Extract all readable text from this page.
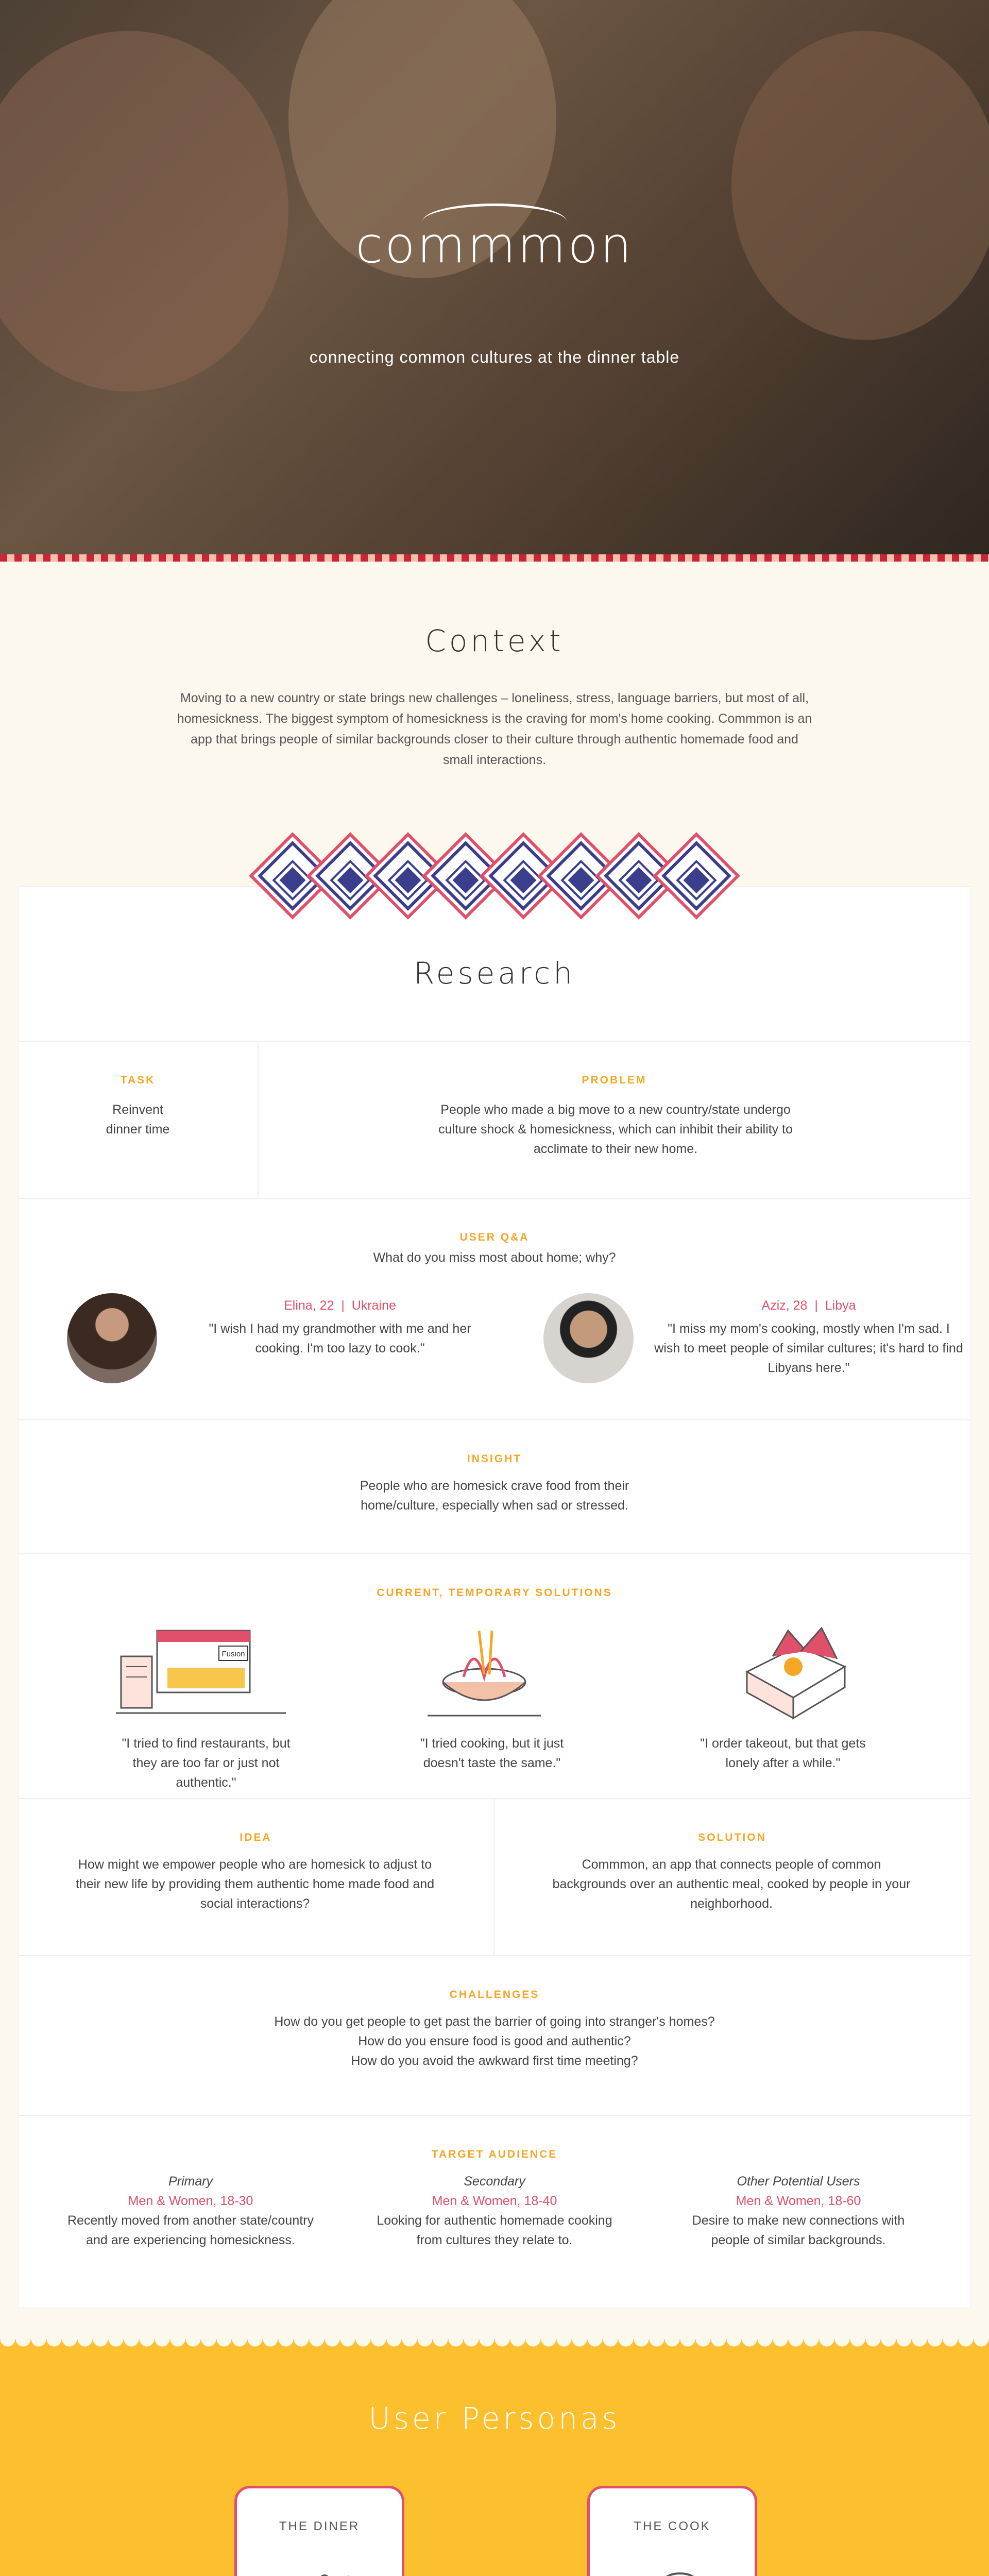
commmon
connecting common cultures at the dinner table
Context
Moving to a new country or state brings new challenges – loneliness, stress, language barriers, but most of all, homesickness. The biggest symptom of homesickness is the craving for mom's home cooking. Commmon is an app that brings people of similar backgrounds closer to their culture through authentic homemade food and small interactions.
Research
TASK
Reinvent dinner time
PROBLEM
People who made a big move to a new country/state undergo culture shock & homesickness, which can inhibit their ability to acclimate to their new home.
USER Q&A
What do you miss most about home; why?
Elina, 22 | Ukraine
"I wish I had my grandmother with me and her cooking. I'm too lazy to cook."
Aziz, 28 | Libya
"I miss my mom's cooking, mostly when I'm sad. I wish to meet people of similar cultures; it's hard to find Libyans here."
INSIGHT
People who are homesick crave food from their home/culture, especially when sad or stressed.
CURRENT, TEMPORARY SOLUTIONS
Fusion
"I tried to find restaurants, but they are too far or just not authentic."
"I tried cooking, but it just doesn't taste the same."
"I order takeout, but that gets lonely after a while."
IDEA
How might we empower people who are homesick to adjust to their new life by providing them authentic home made food and social interactions?
SOLUTION
Commmon, an app that connects people of common backgrounds over an authentic meal, cooked by people in your neighborhood.
CHALLENGES
How do you get people to get past the barrier of going into stranger's homes?
How do you ensure food is good and authentic?
How do you avoid the awkward first time meeting?
TARGET AUDIENCE
Primary
Men & Women, 18-30
Recently moved from another state/country and are experiencing homesickness.
Secondary
Men & Women, 18-40
Looking for authentic homemade cooking from cultures they relate to.
Other Potential Users
Men & Women, 18-60
Desire to make new connections with people of similar backgrounds.
User Personas
THE DINER	THE COOK
